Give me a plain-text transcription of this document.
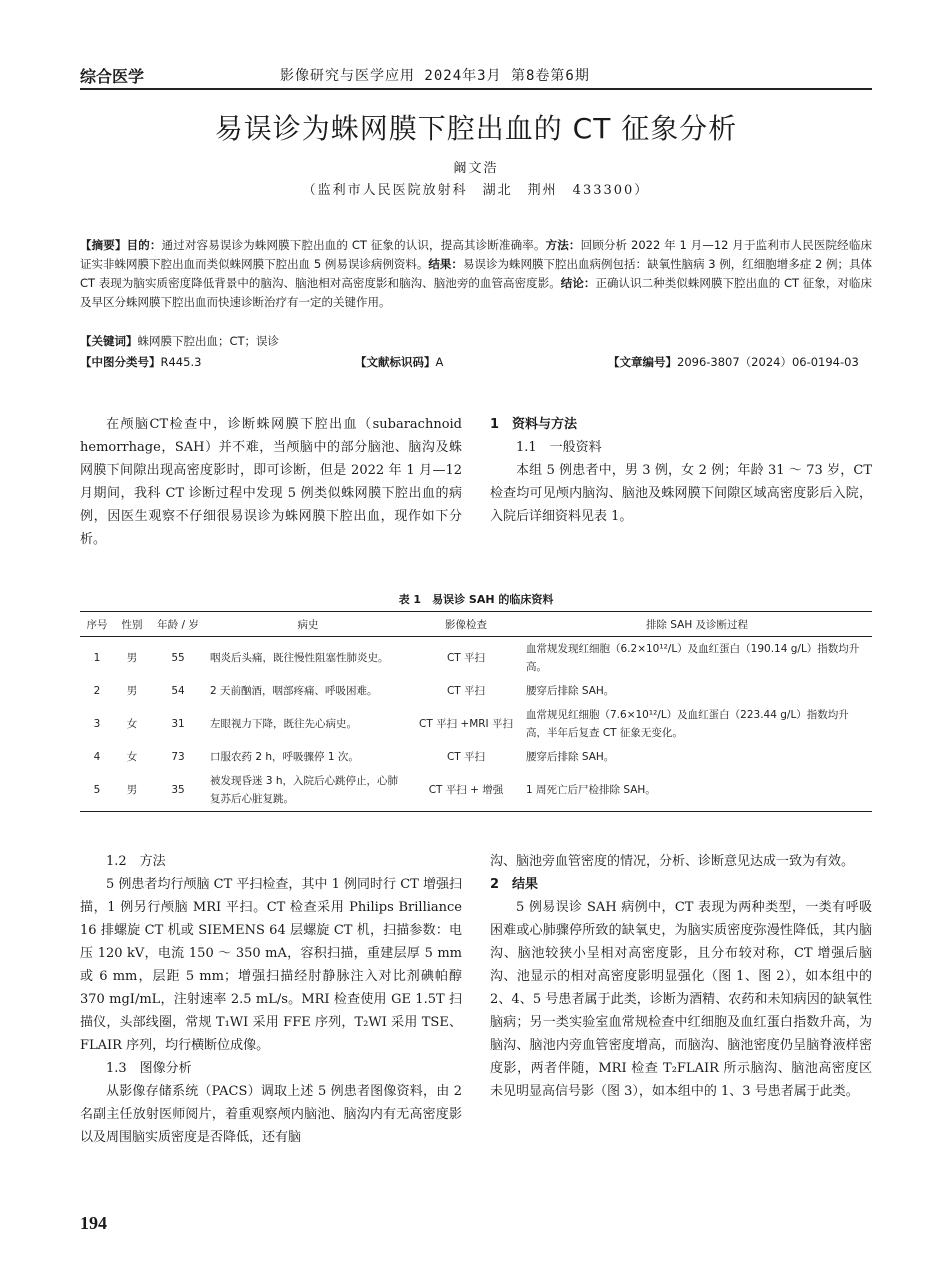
综合医学	影像研究与医学应用 2024年3月 第8卷第6期
易误诊为蛛网膜下腔出血的 CT 征象分析
阚文浩
（监利市人民医院放射科　湖北　荆州　433300）
【摘要】目的：通过对容易误诊为蛛网膜下腔出血的 CT 征象的认识，提高其诊断准确率。方法：回顾分析 2022 年 1 月—12 月于监利市人民医院经临床证实非蛛网膜下腔出血而类似蛛网膜下腔出血 5 例易误诊病例资料。结果：易误诊为蛛网膜下腔出血病例包括：缺氧性脑病 3 例，红细胞增多症 2 例；具体 CT 表现为脑实质密度降低背景中的脑沟、脑池相对高密度影和脑沟、脑池旁的血管高密度影。结论：正确认识二种类似蛛网膜下腔出血的 CT 征象，对临床及早区分蛛网膜下腔出血而快速诊断治疗有一定的关键作用。
【关键词】蛛网膜下腔出血；CT；误诊
【中图分类号】R445.3	【文献标识码】A	【文章编号】2096-3807（2024）06-0194-03

在颅脑CT检查中，诊断蛛网膜下腔出血（subarachnoid hemorrhage，SAH）并不难，当颅脑中的部分脑池、脑沟及蛛网膜下间隙出现高密度影时，即可诊断，但是 2022 年 1 月—12 月期间，我科 CT 诊断过程中发现 5 例类似蛛网膜下腔出血的病例，因医生观察不仔细很易误诊为蛛网膜下腔出血，现作如下分析。

1　资料与方法

1.1　一般资料

本组 5 例患者中，男 3 例，女 2 例；年龄 31 ～ 73 岁，CT 检查均可见颅内脑沟、脑池及蛛网膜下间隙区域高密度影后入院，入院后详细资料见表 1。

表 1　易误诊 SAH 的临床资料
序号	性别	年龄 / 岁	病史	影像检查	排除 SAH 及诊断过程
1	男	55	咽炎后头痛，既往慢性阻塞性肺炎史。	CT 平扫	血常规发现红细胞（6.2×10¹²/L）及血红蛋白（190.14 g/L）指数均升高。
2	男	54	2 天前酗酒，咽部疼痛、呼吸困难。	CT 平扫	腰穿后排除 SAH。
3	女	31	左眼视力下降，既往先心病史。	CT 平扫 +MRI 平扫	血常规见红细胞（7.6×10¹²/L）及血红蛋白（223.44 g/L）指数均升高，半年后复查 CT 征象无变化。
4	女	73	口服农药 2 h，呼吸骤停 1 次。	CT 平扫	腰穿后排除 SAH。
5	男	35	被发现昏迷 3 h，入院后心跳停止，心肺复苏后心脏复跳。	CT 平扫 + 增强	1 周死亡后尸检排除 SAH。

1.2　方法

5 例患者均行颅脑 CT 平扫检查，其中 1 例同时行 CT 增强扫描，1 例另行颅脑 MRI 平扫。CT 检查采用 Philips Brilliance 16 排螺旋 CT 机或 SIEMENS 64 层螺旋 CT 机，扫描参数：电压 120 kV，电流 150 ～ 350 mA，容积扫描，重建层厚 5 mm 或 6 mm，层距 5 mm；增强扫描经肘静脉注入对比剂碘帕醇 370 mgI/mL，注射速率 2.5 mL/s。MRI 检查使用 GE 1.5T 扫描仪，头部线圈，常规 T₁WI 采用 FFE 序列，T₂WI 采用 TSE、FLAIR 序列，均行横断位成像。

1.3　图像分析

从影像存储系统（PACS）调取上述 5 例患者图像资料，由 2 名副主任放射医师阅片，着重观察颅内脑池、脑沟内有无高密度影以及周围脑实质密度是否降低，还有脑

沟、脑池旁血管密度的情况，分析、诊断意见达成一致为有效。

2　结果

5 例易误诊 SAH 病例中，CT 表现为两种类型，一类有呼吸困难或心肺骤停所致的缺氧史，为脑实质密度弥漫性降低，其内脑沟、脑池较狭小呈相对高密度影，且分布较对称，CT 增强后脑沟、池显示的相对高密度影明显强化（图 1、图 2），如本组中的 2、4、5 号患者属于此类，诊断为酒精、农药和未知病因的缺氧性脑病；另一类实验室血常规检查中红细胞及血红蛋白指数升高，为脑沟、脑池内旁血管密度增高，而脑沟、脑池密度仍呈脑脊液样密度影，两者伴随，MRI 检查 T₂FLAIR 所示脑沟、脑池高密度区未见明显高信号影（图 3），如本组中的 1、3 号患者属于此类。

194
